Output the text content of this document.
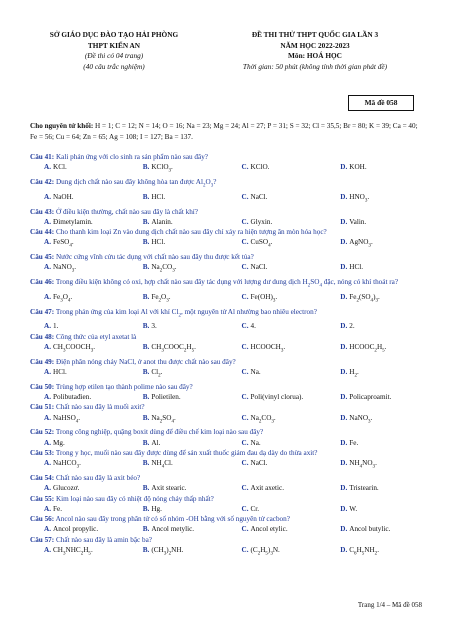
SỞ GIÁO DỤC ĐÀO TẠO HẢI PHÒNG
THPT KIẾN AN
(Đề thi có 04 trang)
(40 câu trắc nghiệm)
ĐỀ THI THỬ THPT QUỐC GIA LẦN 3
NĂM HỌC 2022-2023
Môn: HOÁ HỌC
Thời gian: 50 phút (không tính thời gian phát đề)
Mã đề 058
Cho nguyên tử khối: H = 1; C = 12; N = 14; O = 16; Na = 23; Mg = 24; Al = 27; P = 31; S = 32; Cl = 35,5; Br = 80; K = 39; Ca = 40; Fe = 56; Cu = 64; Zn = 65; Ag = 108; I = 127; Ba = 137.
Câu 41: Kali phản ứng với clo sinh ra sản phẩm nào sau đây?
A. KCl.	B. KClO$_3$.	C. KClO.	D. KOH.
Câu 42: Dung dịch chất nào sau đây không hòa tan được $Al_2O_3$?
A. NaOH.	B. HCl.	C. NaCl.	D. $HNO_3$.
Câu 43: Ở điều kiện thường, chất nào sau đây là chất khí?
A. Đimetylamin.	B. Alanin.	C. Glyxin.	D. Valin.
Câu 44: Cho thanh kim loại Zn vào dung dịch chất nào sau đây chỉ xảy ra hiện tượng ăn mòn hóa học?
A. FeSO$_4$.	B. HCl.	C. CuSO$_4$.	D. AgNO$_3$.
Câu 45: Nước cứng vĩnh cửu tác dụng với chất nào sau đây thu được kết tủa?
A. NaNO$_3$.	B. $Na_2CO_3$.	C. NaCl.	D. HCl.
Câu 46: Trong điều kiện không có oxi, hợp chất nào sau đây tác dụng với lượng dư dung dịch $H_2SO_4$ đặc, nóng có khí thoát ra?
A. $Fe_3O_4$.	B. $Fe_2O_3$.	C. $Fe(OH)_3$.	D. $Fe_2(SO_4)_3$.
Câu 47: Trong phản ứng của kim loại Al với khí $Cl_2$, một nguyên tử Al nhường bao nhiêu electron?
A. 1.	B. 3.	C. 4.	D. 2.
Câu 48: Công thức của etyl axetat là
A. $CH_3COOCH_3$.	B. $CH_3COOC_2H_5$.	C. $HCOOCH_3$.	D. $HCOOC_2H_5$.
Câu 49: Điện phân nóng chảy NaCl, ở anot thu được chất nào sau đây?
A. HCl.	B. $Cl_2$.	C. Na.	D. $H_2$.
Câu 50: Trùng hợp etilen tạo thành polime nào sau đây?
A. Polibutađien.	B. Polietilen.	C. Poli(vinyl clorua).	D. Policaproamit.
Câu 51: Chất nào sau đây là muối axit?
A. NaHSO$_4$.	B. $Na_2SO_4$.	C. $Na_2CO_3$.	D. NaNO$_3$.
Câu 52: Trong công nghiệp, quặng boxit dùng để điều chế kim loại nào sau đây?
A. Mg.	B. Al.	C. Na.	D. Fe.
Câu 53: Trong y học, muối nào sau đây được dùng để sản xuất thuốc giảm đau dạ dày do thừa axit?
A. NaHCO$_3$.	B. $NH_4Cl$.	C. NaCl.	D. $NH_4NO_3$.
Câu 54: Chất nào sau đây là axit béo?
A. Glucozơ.	B. Axit stearic.	C. Axit axetic.	D. Tristearin.
Câu 55: Kim loại nào sau đây có nhiệt độ nóng chảy thấp nhất?
A. Fe.	B. Hg.	C. Cr.	D. W.
Câu 56: Ancol nào sau đây trong phân tử có số nhóm -OH bằng với số nguyên tử cacbon?
A. Ancol propylic.	B. Ancol metylic.	C. Ancol etylic.	D. Ancol butylic.
Câu 57: Chất nào sau đây là amin bậc ba?
A. $CH_3NHC_2H_5$.	B. $(CH_3)_2NH$.	C. $(C_2H_5)_3N$.	D. $C_6H_5NH_2$.
Trang 1/4 – Mã đề 058
